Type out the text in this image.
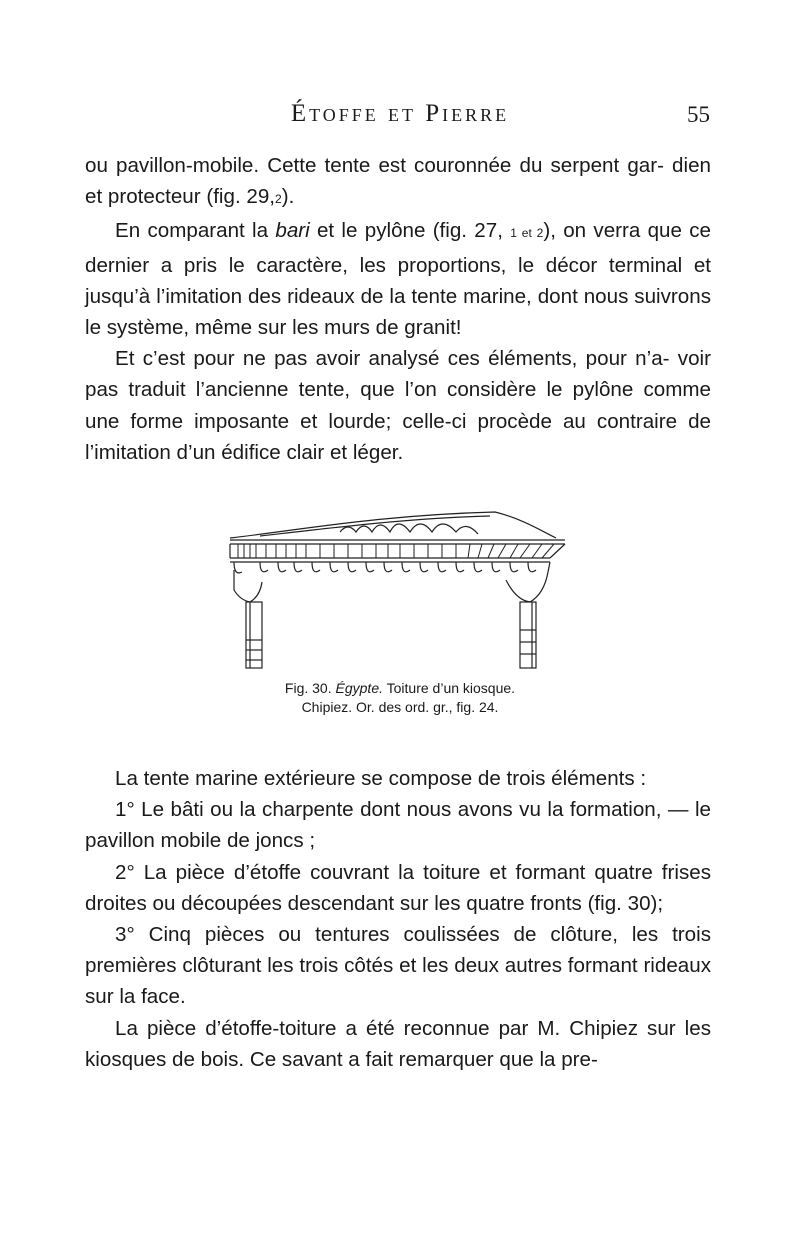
Étoffe et Pierre	55

ou pavillon-mobile. Cette tente est couronnée du serpent gar- dien et protecteur (fig. 29,2).

En comparant la bari et le pylône (fig. 27, 1 et 2), on verra que ce dernier a pris le caractère, les proportions, le décor terminal et jusqu’à l’imitation des rideaux de la tente marine, dont nous suivrons le système, même sur les murs de granit!

Et c’est pour ne pas avoir analysé ces éléments, pour n’a- voir pas traduit l’ancienne tente, que l’on considère le pylône comme une forme imposante et lourde; celle-ci procède au contraire de l’imitation d’un édifice clair et léger.

Fig. 30. Égypte. Toiture d’un kiosque.
Chipiez. Or. des ord. gr., fig. 24.

La tente marine extérieure se compose de trois éléments :

1° Le bâti ou la charpente dont nous avons vu la formation, — le pavillon mobile de joncs ;

2° La pièce d’étoffe couvrant la toiture et formant quatre frises droites ou découpées descendant sur les quatre fronts (fig. 30);

3° Cinq pièces ou tentures coulissées de clôture, les trois premières clôturant les trois côtés et les deux autres formant rideaux sur la face.

La pièce d’étoffe-toiture a été reconnue par M. Chipiez sur les kiosques de bois. Ce savant a fait remarquer que la pre-
